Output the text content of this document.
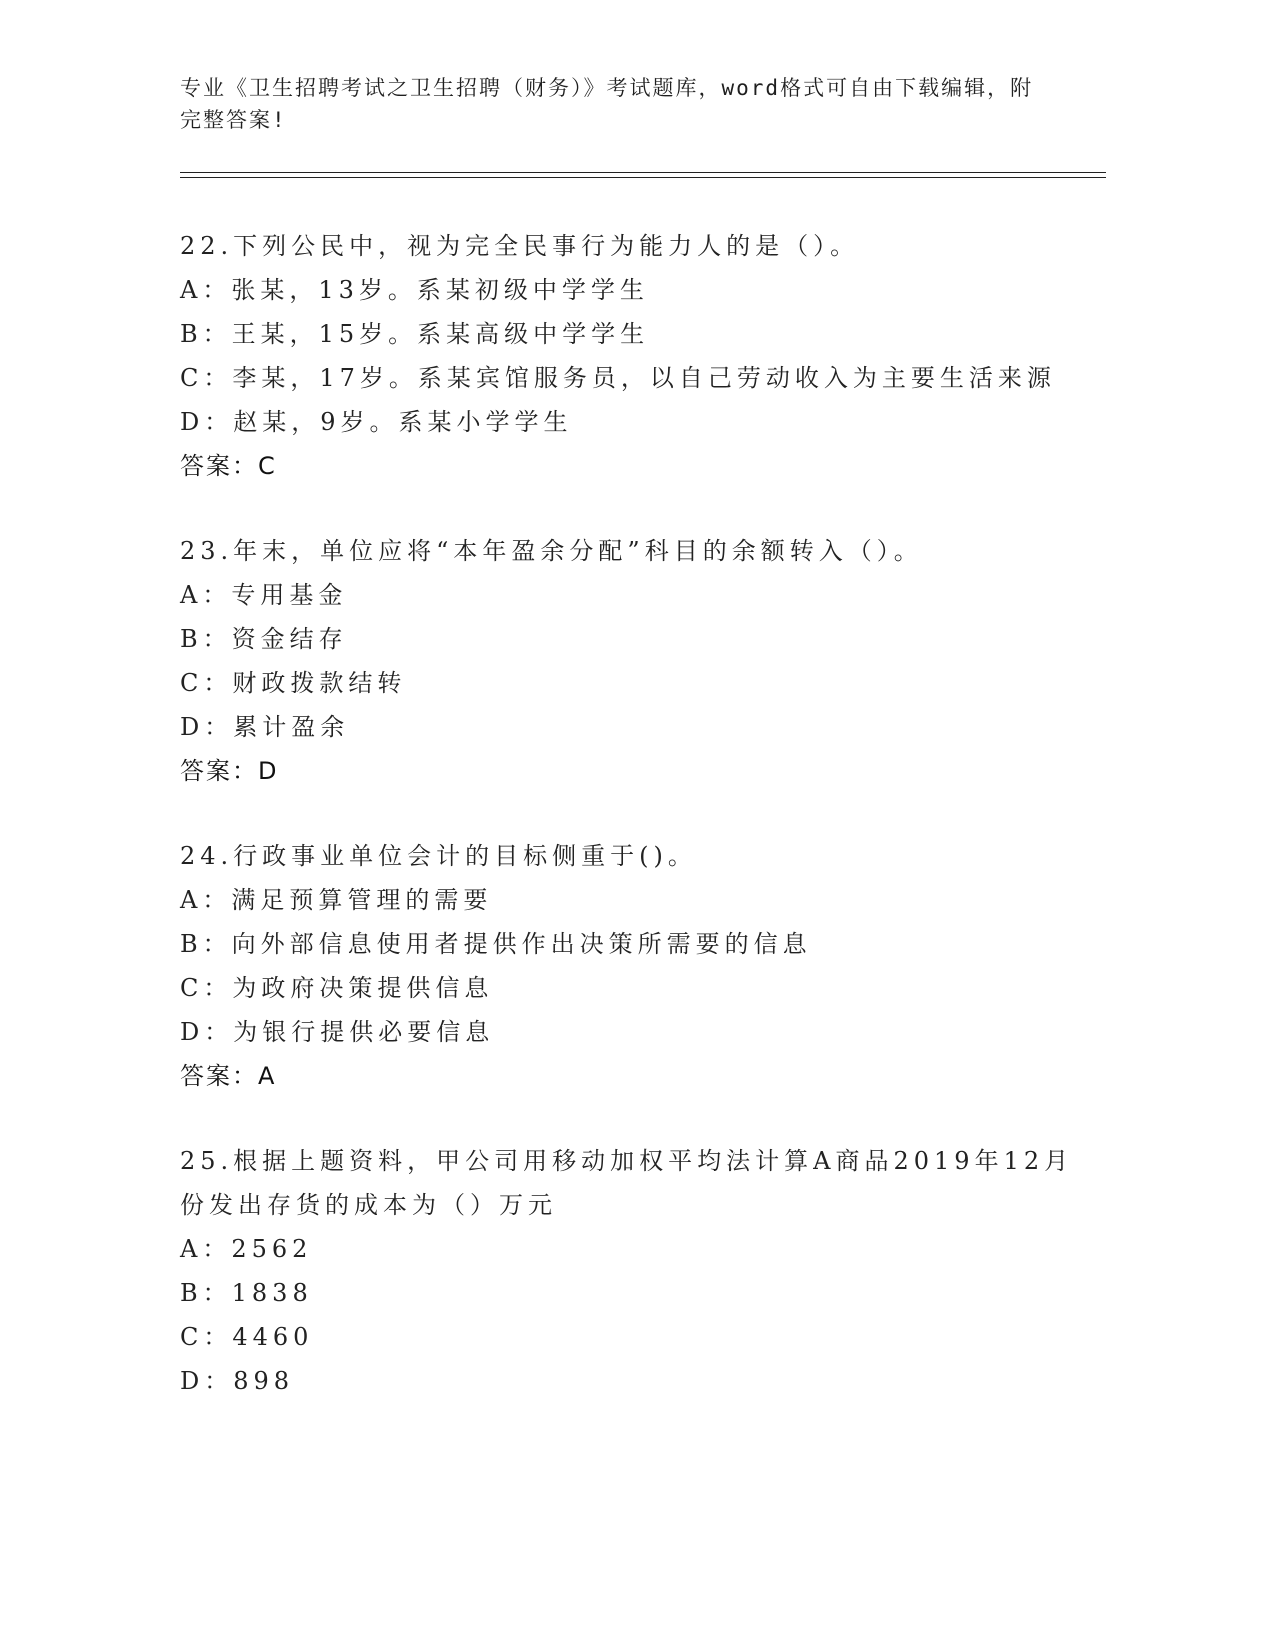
专业《卫生招聘考试之卫生招聘（财务）》考试题库，word格式可自由下载编辑，附完整答案!
22.下列公民中，视为完全民事行为能力人的是（）。
A：张某，13岁。系某初级中学学生
B：王某，15岁。系某高级中学学生
C：李某，17岁。系某宾馆服务员，以自己劳动收入为主要生活来源
D：赵某，9岁。系某小学学生
答案：C
23.年末，单位应将“本年盈余分配”科目的余额转入（）。
A：专用基金
B：资金结存
C：财政拨款结转
D：累计盈余
答案：D
24.行政事业单位会计的目标侧重于()。
A：满足预算管理的需要
B：向外部信息使用者提供作出决策所需要的信息
C：为政府决策提供信息
D：为银行提供必要信息
答案：A
25.根据上题资料，甲公司用移动加权平均法计算A商品2019年12月
份发出存货的成本为（）万元
A：2562
B：1838
C：4460
D：898
